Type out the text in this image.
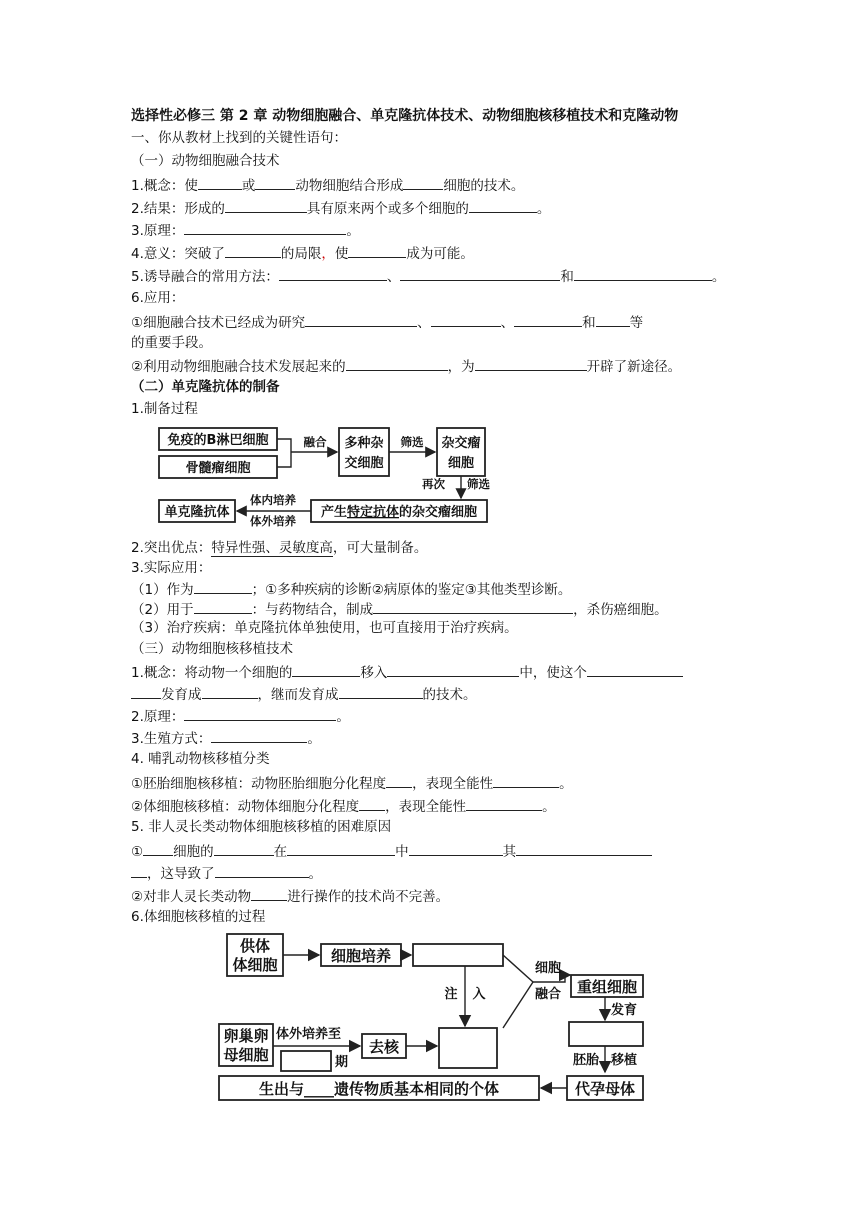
选择性必修三 第 2 章 动物细胞融合、单克隆抗体技术、动物细胞核移植技术和克隆动物
一、你从教材上找到的关键性语句：
（一）动物细胞融合技术
1.概念：使	或	动物细胞结合形成	细胞的技术。
2.结果：形成的	具有原来两个或多个细胞的	。
3.原理：	。
4.意义：突破了	的局限，使	成为可能。
5.诱导融合的常用方法：	、	和	。
6.应用：
①细胞融合技术已经成为研究	、	、	和	等
的重要手段。
②利用动物细胞融合技术发展起来的	，为	开辟了新途径。
（二）单克隆抗体的制备
1.制备过程
免疫的B淋巴细胞
骨髓瘤细胞
融合 多种杂
交细胞
筛选 杂交瘤
细胞
再次 筛选
产生特定抗体的杂交瘤细胞
体内培养
体外培养
单克隆抗体
2.突出优点：特异性强、灵敏度高，可大量制备。
3.实际应用：
（1）作为	；①多种疾病的诊断②病原体的鉴定③其他类型诊断。
（2）用于	：与药物结合，制成	，杀伤癌细胞。
（3）治疗疾病：单克隆抗体单独使用，也可直接用于治疗疾病。
（三）动物细胞核移植技术
1.概念：将动物一个细胞的	移入	中，使这个
发育成	，继而发育成	的技术。
2.原理：	。
3.生殖方式：	。
4. 哺乳动物核移植分类
①胚胎细胞核移植：动物胚胎细胞分化程度 ，表现全能性	。
②体细胞核移植：动物体细胞分化程度 ，表现全能性	。
5. 非人灵长类动物体细胞核移植的困难原因
① 细胞的	在	中	其
，这导致了	。
②对非人灵长类动物	进行操作的技术尚不完善。
6.体细胞核移植的过程
供体
体细胞	细胞培养
注 入
细胞
融合 重组细胞
发育
胚胎 移植
代孕母体
生出与____遗传物质基本相同的个体
卵巢卵
母细胞
体外培养至
期
去核
